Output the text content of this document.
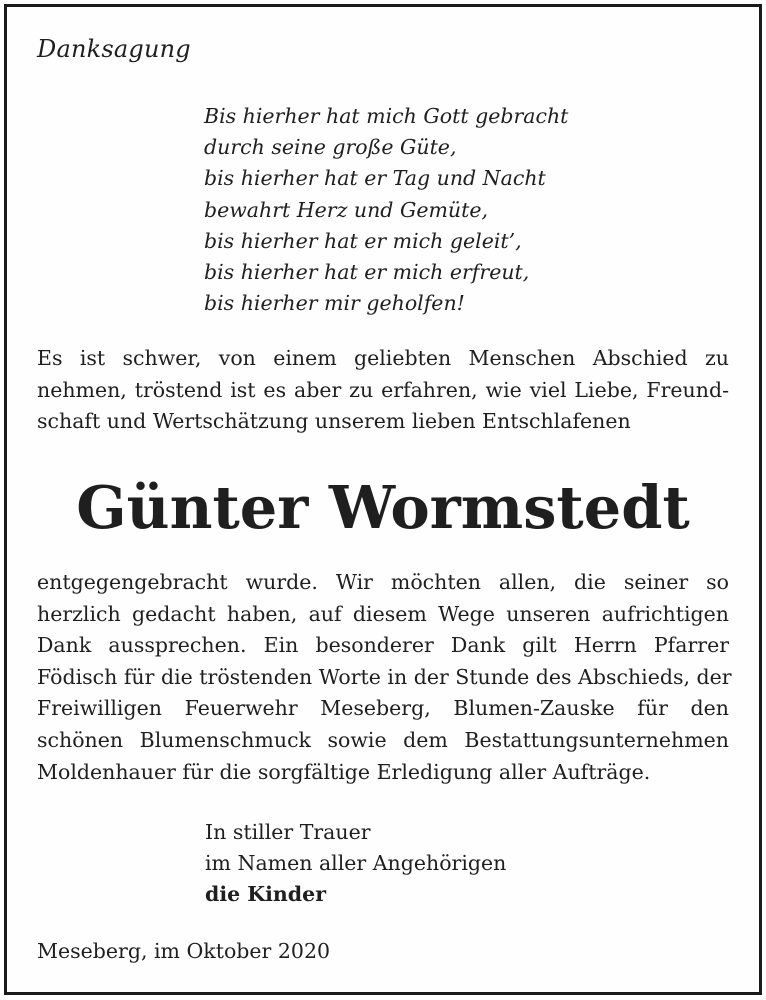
Danksagung
Bis hierher hat mich Gott gebracht
durch seine große Güte,
bis hierher hat er Tag und Nacht
bewahrt Herz und Gemüte,
bis hierher hat er mich geleit’,
bis hierher hat er mich erfreut,
bis hierher mir geholfen!
Es ist schwer, von einem geliebten Menschen Abschied zu
nehmen, tröstend ist es aber zu erfahren, wie viel Liebe, Freund-
schaft und Wertschätzung unserem lieben Entschlafenen
Günter Wormstedt
entgegengebracht wurde. Wir möchten allen, die seiner so
herzlich gedacht haben, auf diesem Wege unseren aufrichtigen
Dank aussprechen. Ein besonderer Dank gilt Herrn Pfarrer
Födisch für die tröstenden Worte in der Stunde des Abschieds, der
Freiwilligen Feuerwehr Meseberg, Blumen-Zauske für den
schönen Blumenschmuck sowie dem Bestattungsunternehmen
Moldenhauer für die sorgfältige Erledigung aller Aufträge.
In stiller Trauer
im Namen aller Angehörigen
die Kinder
Meseberg, im Oktober 2020
